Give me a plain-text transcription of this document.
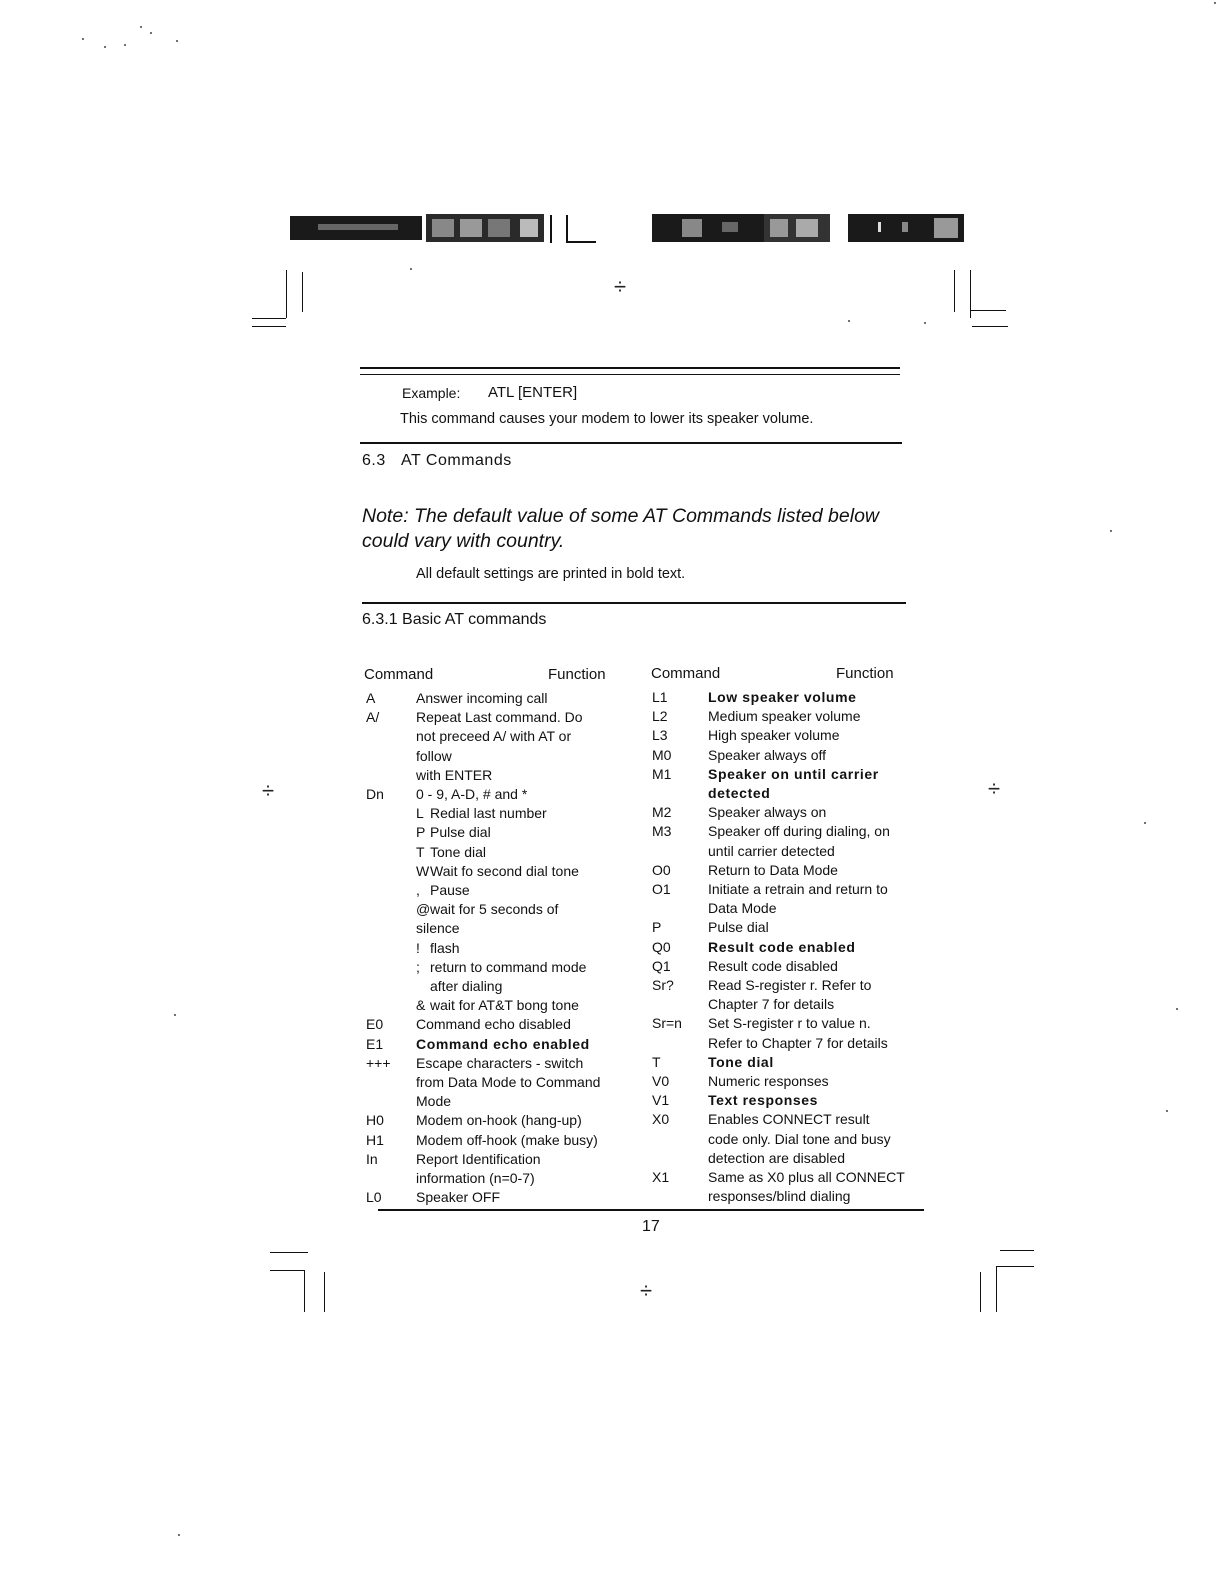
÷
÷	÷
÷
Example: ATL [ENTER]
This command causes your modem to lower its speaker volume.
6.3 AT Commands
Note: The default value of some AT Commands listed below
could vary with country.
All default settings are printed in bold text.
6.3.1 Basic AT commands
Command	Function	Command	Function
A	Answer incoming call
A/	Repeat Last command. Do
not preceed A/ with AT or
follow
with ENTER
Dn 0 - 9, A-D, # and *
L Redial last number
P Pulse dial
T Tone dial
W Wait fo second dial tone
, Pause
@ wait for 5 seconds of
silence
! flash
; return to command mode
after dialing
& wait for AT&T bong tone
E0 Command echo disabled
E1 Command echo enabled
+++ Escape characters - switch
from Data Mode to Command
Mode
H0 Modem on-hook (hang-up)
H1 Modem off-hook (make busy)
In	Report Identification
information (n=0-7)
L0 Speaker OFF
L1	Low speaker volume
L2	Medium speaker volume
L3	High speaker volume
M0	Speaker always off
M1	Speaker on until carrier
detected
M2	Speaker always on
M3	Speaker off during dialing, on
until carrier detected
O0	Return to Data Mode
O1	Initiate a retrain and return to
Data Mode
P	Pulse dial
Q0	Result code enabled
Q1	Result code disabled
Sr? Read S-register r. Refer to
Chapter 7 for details
Sr=n Set S-register r to value n.
Refer to Chapter 7 for details
T	Tone dial
V0	Numeric responses
V1	Text responses
X0	Enables CONNECT result
code only. Dial tone and busy
detection are disabled
X1	Same as X0 plus all CONNECT
responses/blind dialing
17
